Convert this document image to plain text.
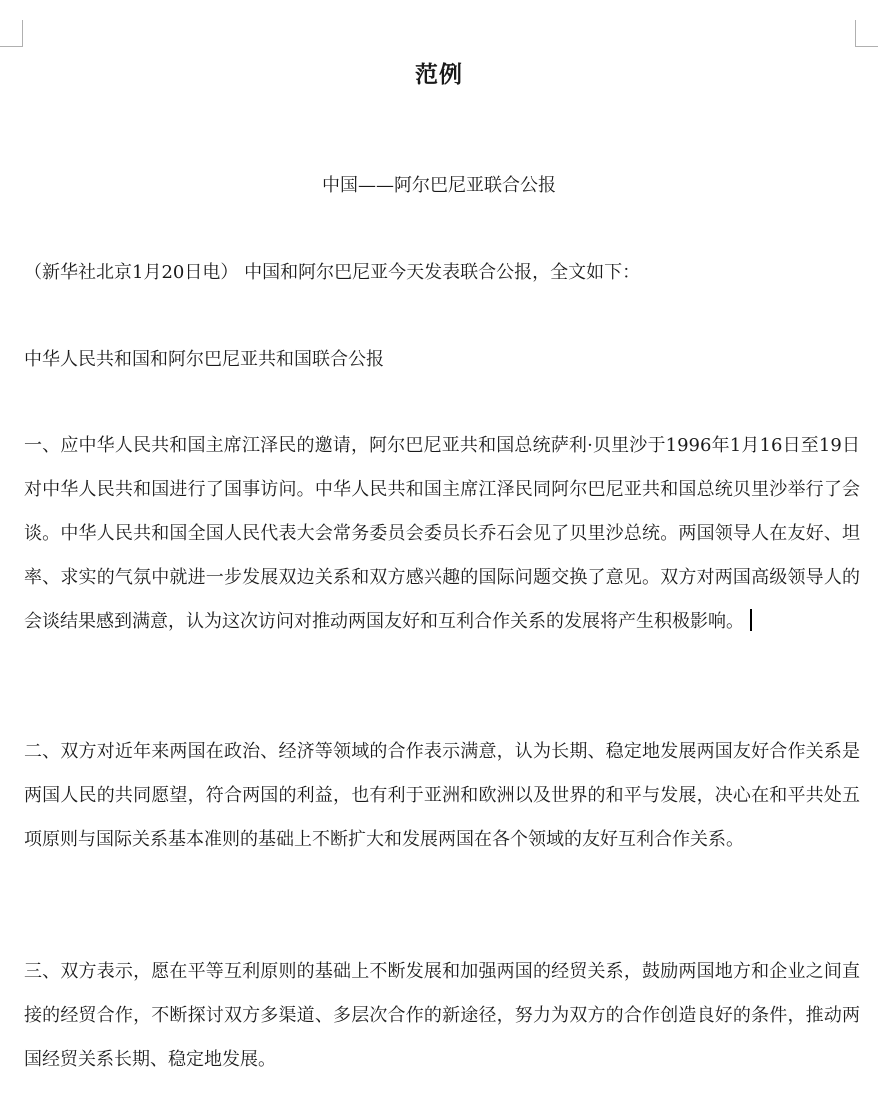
范例
中国——阿尔巴尼亚联合公报
（新华社北京1月20日电） 中国和阿尔巴尼亚今天发表联合公报，全文如下：
中华人民共和国和阿尔巴尼亚共和国联合公报
一、应中华人民共和国主席江泽民的邀请，阿尔巴尼亚共和国总统萨利·贝里沙于1996年1月16日至19日对中华人民共和国进行了国事访问。中华人民共和国主席江泽民同阿尔巴尼亚共和国总统贝里沙举行了会谈。中华人民共和国全国人民代表大会常务委员会委员长乔石会见了贝里沙总统。两国领导人在友好、坦率、求实的气氛中就进一步发展双边关系和双方感兴趣的国际问题交换了意见。双方对两国高级领导人的会谈结果感到满意，认为这次访问对推动两国友好和互利合作关系的发展将产生积极影响。
二、双方对近年来两国在政治、经济等领域的合作表示满意，认为长期、稳定地发展两国友好合作关系是两国人民的共同愿望，符合两国的利益，也有利于亚洲和欧洲以及世界的和平与发展，决心在和平共处五项原则与国际关系基本准则的基础上不断扩大和发展两国在各个领域的友好互利合作关系。
三、双方表示，愿在平等互利原则的基础上不断发展和加强两国的经贸关系，鼓励两国地方和企业之间直接的经贸合作，不断探讨双方多渠道、多层次合作的新途径，努力为双方的合作创造良好的条件，推动两国经贸关系长期、稳定地发展。
